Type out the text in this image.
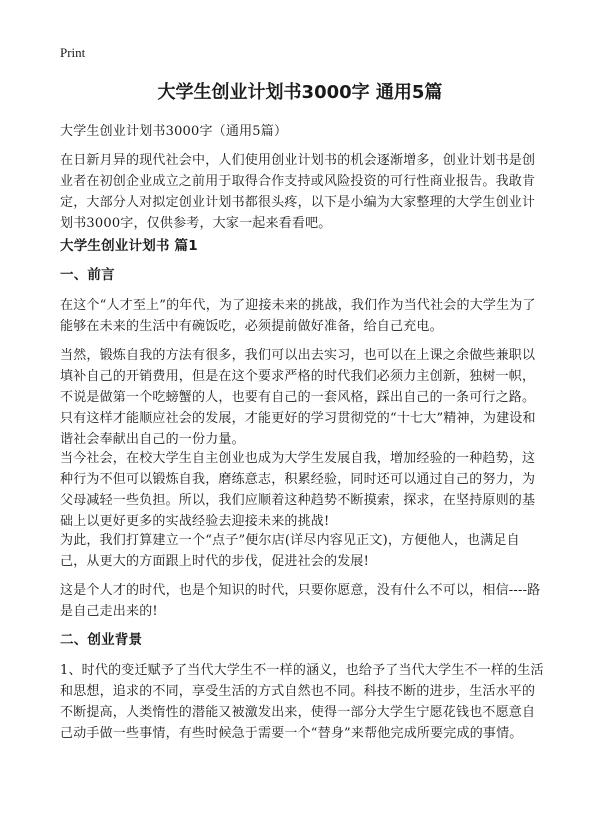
Print
大学生创业计划书3000字 通用5篇

大学生创业计划书3000字（通用5篇）

在日新月异的现代社会中，人们使用创业计划书的机会逐渐增多，创业计划书是创业者在初创企业成立之前用于取得合作支持或风险投资的可行性商业报告。我敢肯定，大部分人对拟定创业计划书都很头疼，以下是小编为大家整理的大学生创业计划书3000字，仅供参考，大家一起来看看吧。

大学生创业计划书 篇1

一、前言

在这个“人才至上”的年代，为了迎接未来的挑战，我们作为当代社会的大学生为了能够在未来的生活中有碗饭吃，必须提前做好准备，给自己充电。

当然，锻炼自我的方法有很多，我们可以出去实习，也可以在上课之余做些兼职以填补自己的开销费用，但是在这个要求严格的时代我们必须力主创新，独树一帜，不说是做第一个吃螃蟹的人，也要有自己的一套风格，踩出自己的一条可行之路。只有这样才能顺应社会的发展，才能更好的学习贯彻党的“十七大”精神，为建设和谐社会奉献出自己的一份力量。

当今社会，在校大学生自主创业也成为大学生发展自我，增加经验的一种趋势，这种行为不但可以锻炼自我，磨练意志，积累经验，同时还可以通过自己的努力，为父母减轻一些负担。所以，我们应顺着这种趋势不断摸索，探求，在坚持原则的基础上以更好更多的实战经验去迎接未来的挑战!

为此，我们打算建立一个“点子”便尔店(详尽内容见正文)，方便他人，也满足自己，从更大的方面跟上时代的步伐，促进社会的发展!

这是个人才的时代，也是个知识的时代，只要你愿意，没有什么不可以，相信----路是自己走出来的!

二、创业背景

1、时代的变迁赋予了当代大学生不一样的涵义，也给予了当代大学生不一样的生活和思想，追求的不同，享受生活的方式自然也不同。科技不断的进步，生活水平的不断提高，人类惰性的潜能又被激发出来，使得一部分大学生宁愿花钱也不愿意自己动手做一些事情，有些时候急于需要一个“替身”来帮他完成所要完成的事情。
